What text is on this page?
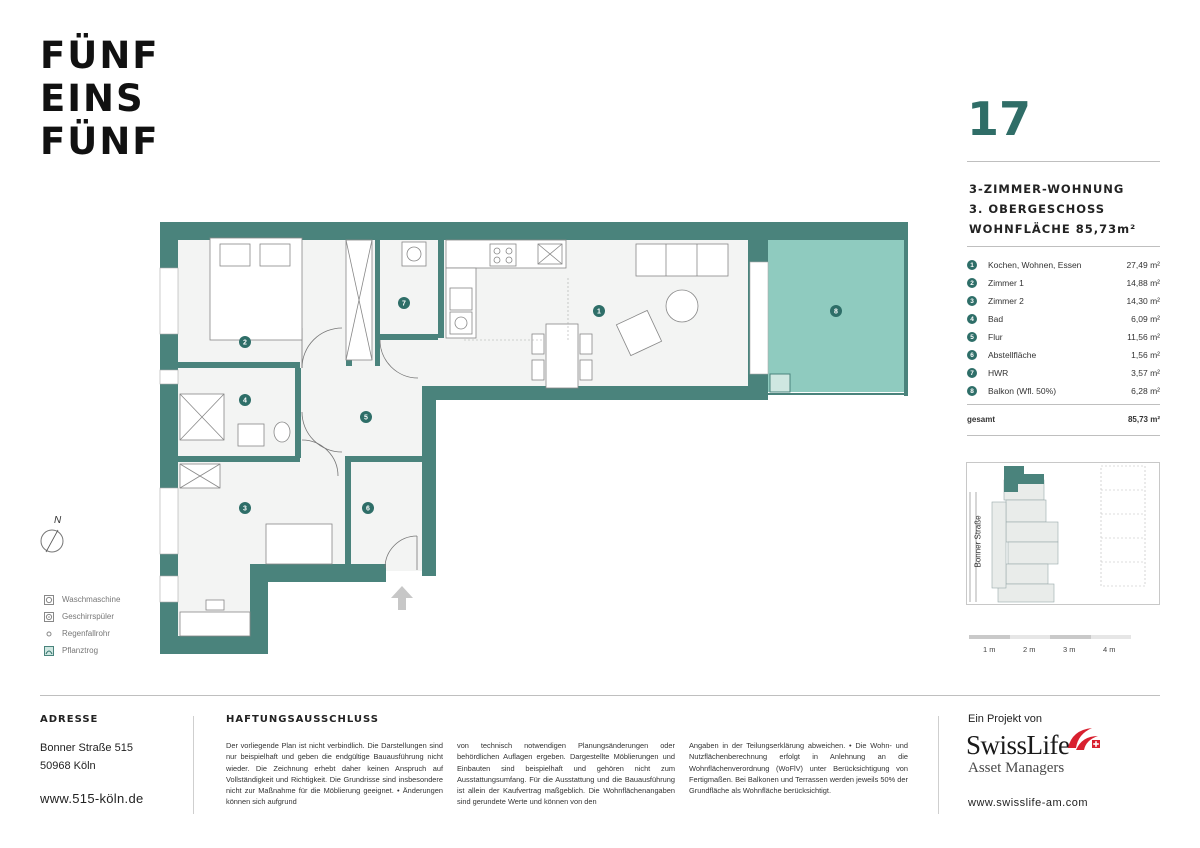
FÜNF
EINS
FÜNF	17
3-ZIMMER-WOHNUNG
3. OBERGESCHOSS
WOHNFLÄCHE 85,73m²
1	Kochen, Wohnen, Essen	27,49 m²
2	Zimmer 1	14,88 m²
3	Zimmer 2	14,30 m²
4	Bad	6,09 m²
5	Flur	11,56 m²
6	Abstellfläche	1,56 m²
7	HWR	3,57 m²
8	Balkon (Wfl. 50%)	6,28 m²
gesamt	85,73 m²
Bonner Straße
1 m	2 m	3 m	4 m
N
Waschmaschine
Geschirrspüler
Regenfallrohr
Pflanztrog
1
2
3
4
5
6
7
8
ADRESSE
Bonner Straße 515
50968 Köln
www.515-köln.de
HAFTUNGSAUSSCHLUSS
Der vorliegende Plan ist nicht verbindlich. Die Darstellungen sind nur beispielhaft und geben die endgültige Bauausführung nicht wieder. Die Zeichnung erhebt daher keinen Anspruch auf Vollständigkeit und Richtigkeit. Die Grundrisse sind insbesondere nicht zur Maßnahme für die Möblierung geeignet. • Änderungen können sich aufgrund
von technisch notwendigen Planungsänderungen oder behördlichen Auflagen ergeben. Dargestellte Möblierungen und Einbauten sind beispielhaft und gehören nicht zum Ausstattungsumfang. Für die Ausstattung und die Bauausführung ist allein der Kaufvertrag maßgeblich. Die Wohnflächenangaben sind gerundete Werte und können von den
Angaben in der Teilungserklärung abweichen. • Die Wohn- und Nutzflächenberechnung erfolgt in Anlehnung an die Wohnflächenverordnung (WoFlV) unter Berücksichtigung von Fertigmaßen. Bei Balkonen und Terrassen werden jeweils 50% der Grundfläche als Wohnfläche berücksichtigt.
Ein Projekt von
SwissLife
Asset Managers
www.swisslife-am.com
